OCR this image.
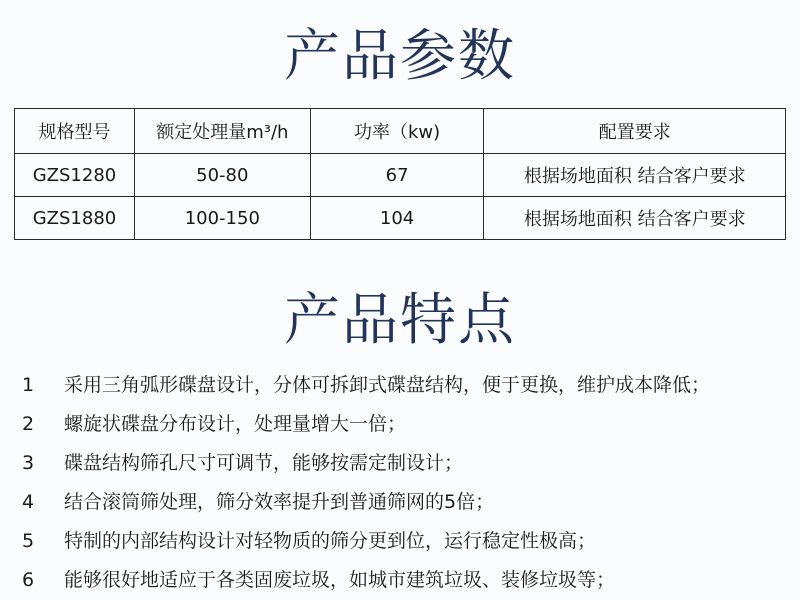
产品参数
规格型号	额定处理量m³/h	功率（kw)	配置要求
GZS1280	50-80	67	根据场地面积 结合客户要求
GZS1880	100-150	104	根据场地面积 结合客户要求
产品特点
1 采用三角弧形碟盘设计，分体可拆卸式碟盘结构，便于更换，维护成本降低；
2 螺旋状碟盘分布设计，处理量增大一倍；
3 碟盘结构筛孔尺寸可调节，能够按需定制设计；
4 结合滚筒筛处理，筛分效率提升到普通筛网的5倍；
5 特制的内部结构设计对轻物质的筛分更到位，运行稳定性极高；
6 能够很好地适应于各类固废垃圾，如城市建筑垃圾、装修垃圾等；
